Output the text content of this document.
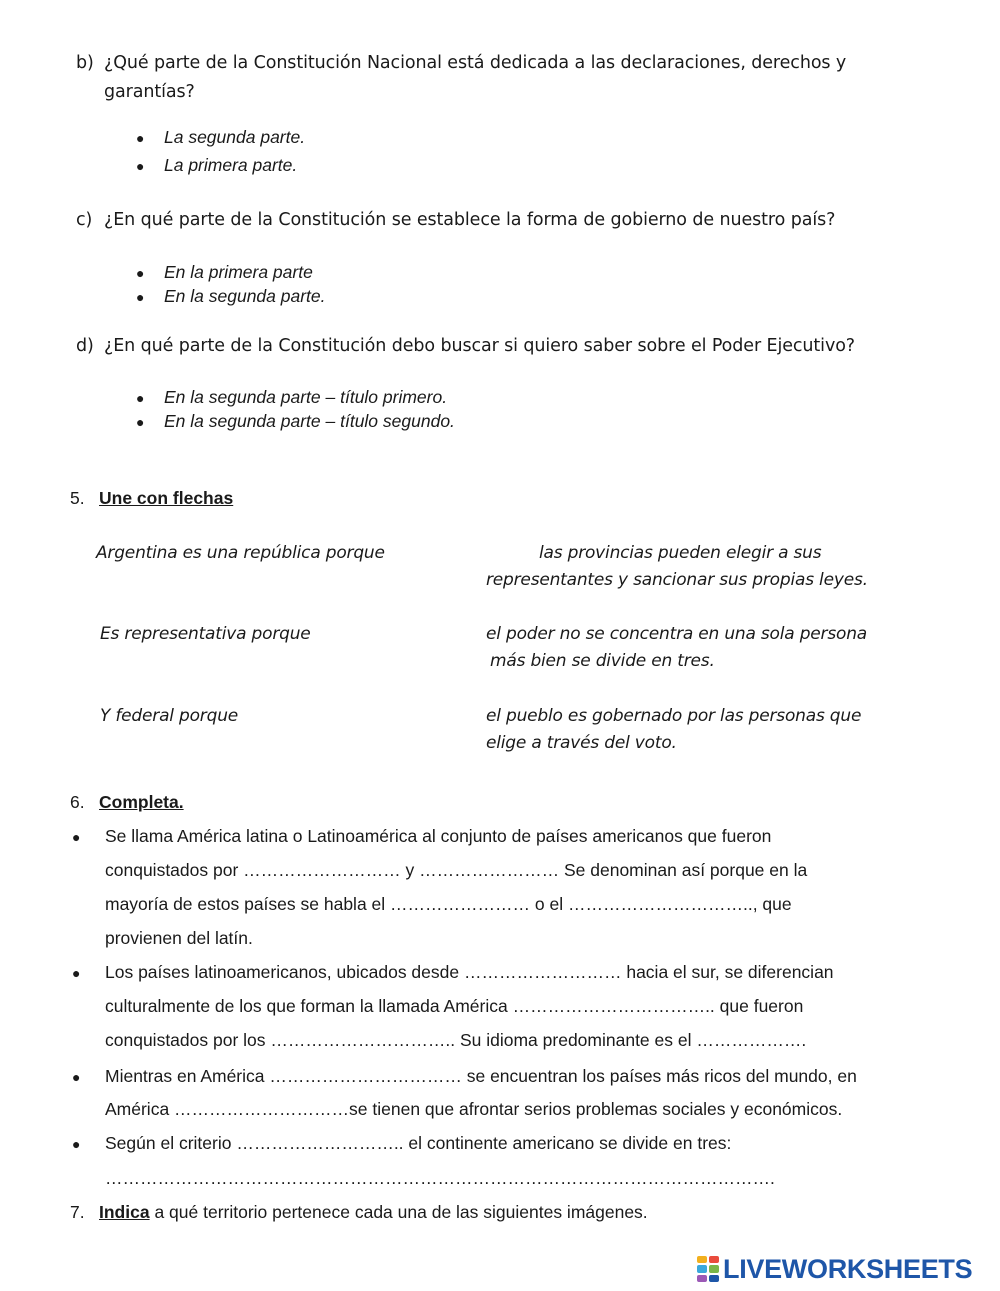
b) ¿Qué parte de la Constitución Nacional está dedicada a las declaraciones, derechos y
garantías?
● La segunda parte.
● La primera parte.
c) ¿En qué parte de la Constitución se establece la forma de gobierno de nuestro país?
● En la primera parte
● En la segunda parte.
d) ¿En qué parte de la Constitución debo buscar si quiero saber sobre el Poder Ejecutivo?
● En la segunda parte – título primero.
● En la segunda parte – título segundo.
5. Une con flechas
Argentina es una república porque	las provincias pueden elegir a sus
representantes y sancionar sus propias leyes.
Es representativa porque	el poder no se concentra en una sola persona
más bien se divide en tres.
Y federal porque	el pueblo es gobernado por las personas que
elige a través del voto.
6. Completa.
● Se llama América latina o Latinoamérica al conjunto de países americanos que fueron
conquistados por ……………………… y …………………… Se denominan así porque en la
mayoría de estos países se habla el …………………… o el ………………………….., que
provienen del latín.
● Los países latinoamericanos, ubicados desde ……………………… hacia el sur, se diferencian
culturalmente de los que forman la llamada América …………………………….. que fueron
conquistados por los ………………………….. Su idioma predominante es el ……………….
● Mientras en América …………………………… se encuentran los países más ricos del mundo, en
América …………………………se tienen que afrontar serios problemas sociales y económicos.
● Según el criterio ……………………….. el continente americano se divide en tres:
…………………………………………………………………………………………………….
7. Indica a qué territorio pertenece cada una de las siguientes imágenes.
LIVEWORKSHEETS
